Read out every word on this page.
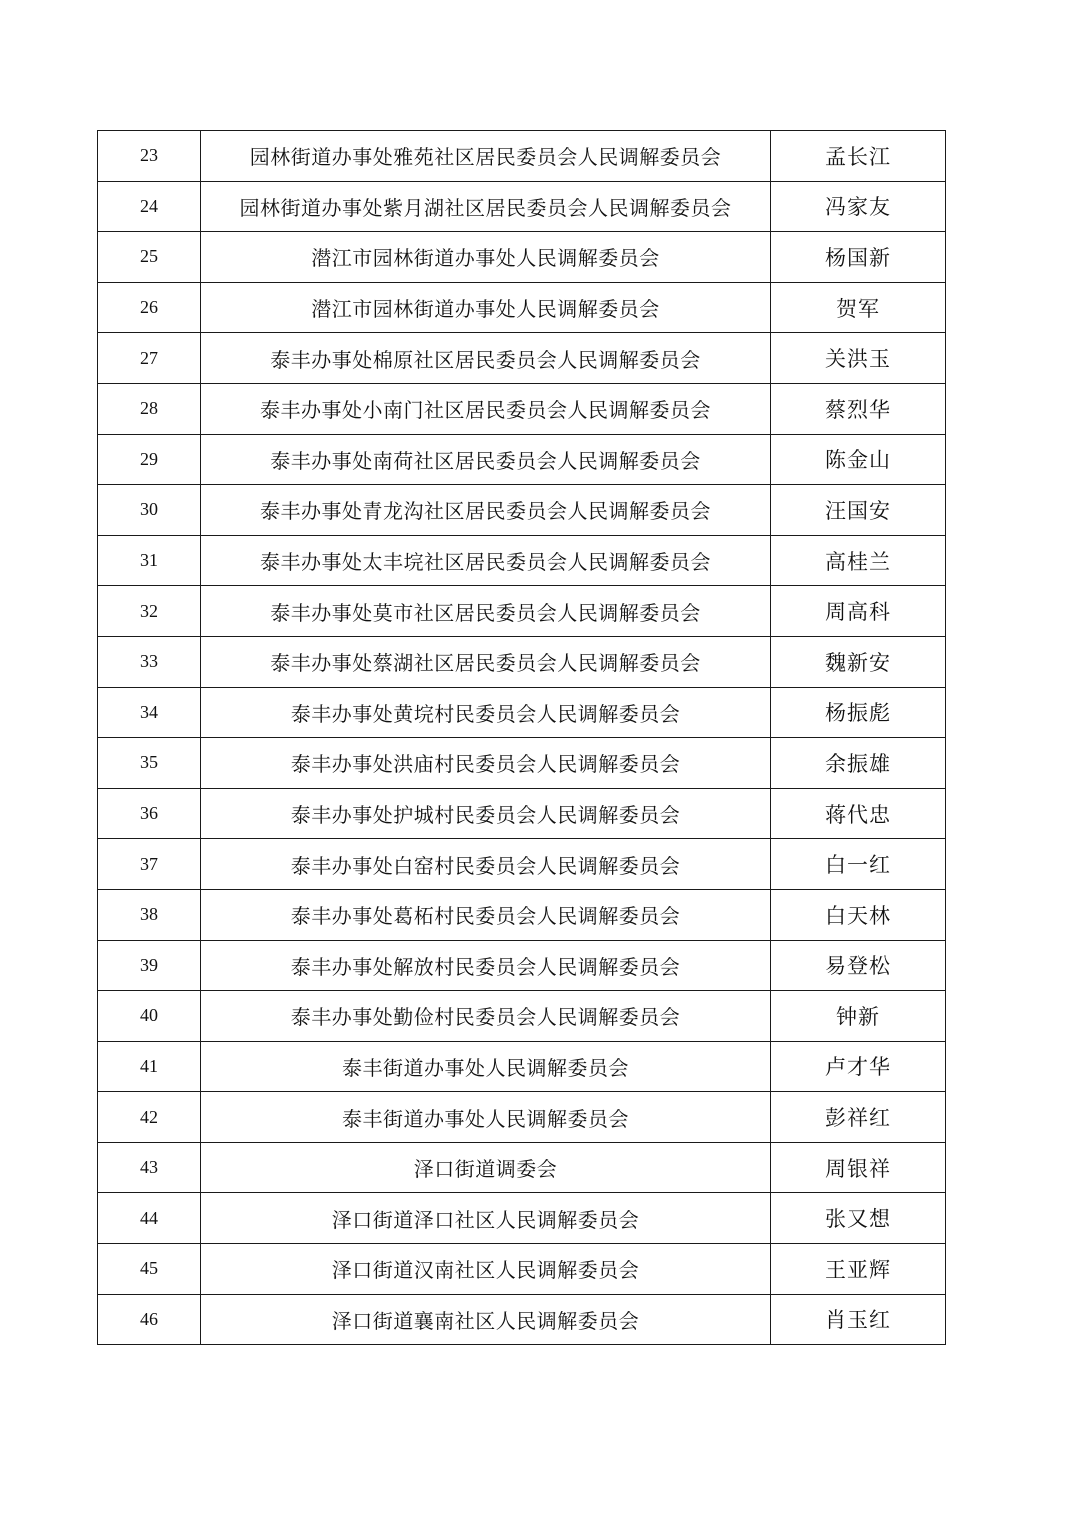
23	园林街道办事处雅苑社区居民委员会人民调解委员会	孟长江
24	园林街道办事处紫月湖社区居民委员会人民调解委员会	冯家友
25	潜江市园林街道办事处人民调解委员会	杨国新
26	潜江市园林街道办事处人民调解委员会	贺军
27	泰丰办事处棉原社区居民委员会人民调解委员会	关洪玉
28	泰丰办事处小南门社区居民委员会人民调解委员会	蔡烈华
29	泰丰办事处南荷社区居民委员会人民调解委员会	陈金山
30	泰丰办事处青龙沟社区居民委员会人民调解委员会	汪国安
31	泰丰办事处太丰垸社区居民委员会人民调解委员会	高桂兰
32	泰丰办事处莫市社区居民委员会人民调解委员会	周高科
33	泰丰办事处蔡湖社区居民委员会人民调解委员会	魏新安
34	泰丰办事处黄垸村民委员会人民调解委员会	杨振彪
35	泰丰办事处洪庙村民委员会人民调解委员会	余振雄
36	泰丰办事处护城村民委员会人民调解委员会	蒋代忠
37	泰丰办事处白窑村民委员会人民调解委员会	白一红
38	泰丰办事处葛柘村民委员会人民调解委员会	白天林
39	泰丰办事处解放村民委员会人民调解委员会	易登松
40	泰丰办事处勤俭村民委员会人民调解委员会	钟新
41	泰丰街道办事处人民调解委员会	卢才华
42	泰丰街道办事处人民调解委员会	彭祥红
43	泽口街道调委会	周银祥
44	泽口街道泽口社区人民调解委员会	张又想
45	泽口街道汉南社区人民调解委员会	王亚辉
46	泽口街道襄南社区人民调解委员会	肖玉红
